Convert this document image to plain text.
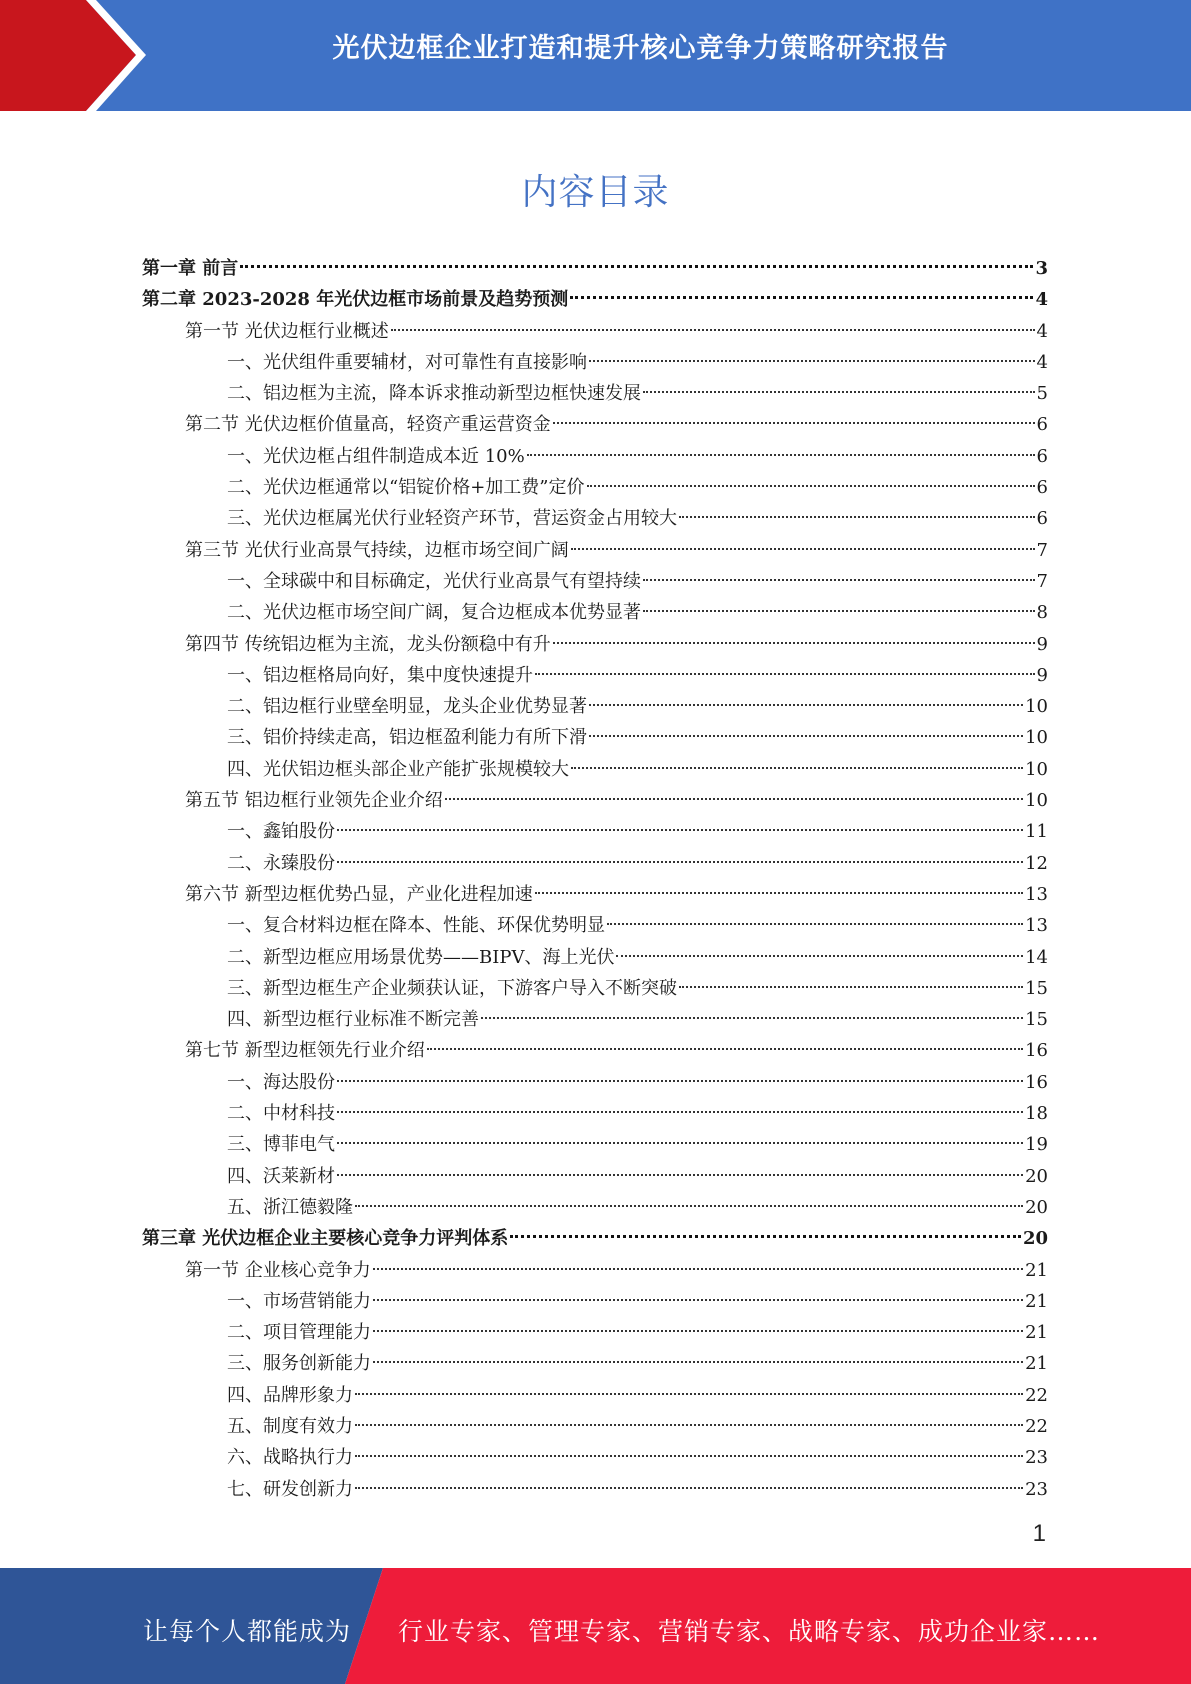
光伏边框企业打造和提升核心竞争力策略研究报告
内容目录
第一章 前言	3
第二章 2023-2028 年光伏边框市场前景及趋势预测	4
第一节 光伏边框行业概述	4
一、光伏组件重要辅材，对可靠性有直接影响	4
二、铝边框为主流，降本诉求推动新型边框快速发展	5
第二节 光伏边框价值量高，轻资产重运营资金	6
一、光伏边框占组件制造成本近 10%	6
二、光伏边框通常以“铝锭价格+加工费”定价	6
三、光伏边框属光伏行业轻资产环节，营运资金占用较大	6
第三节 光伏行业高景气持续，边框市场空间广阔	7
一、全球碳中和目标确定，光伏行业高景气有望持续	7
二、光伏边框市场空间广阔，复合边框成本优势显著	8
第四节 传统铝边框为主流，龙头份额稳中有升	9
一、铝边框格局向好，集中度快速提升	9
二、铝边框行业壁垒明显，龙头企业优势显著	10
三、铝价持续走高，铝边框盈利能力有所下滑	10
四、光伏铝边框头部企业产能扩张规模较大	10
第五节 铝边框行业领先企业介绍	10
一、鑫铂股份	11
二、永臻股份	12
第六节 新型边框优势凸显，产业化进程加速	13
一、复合材料边框在降本、性能、环保优势明显	13
二、新型边框应用场景优势——BIPV、海上光伏	14
三、新型边框生产企业频获认证，下游客户导入不断突破	15
四、新型边框行业标准不断完善	15
第七节 新型边框领先行业介绍	16
一、海达股份	16
二、中材科技	18
三、博菲电气	19
四、沃莱新材	20
五、浙江德毅隆	20
第三章 光伏边框企业主要核心竞争力评判体系	20
第一节 企业核心竞争力	21
一、市场营销能力	21
二、项目管理能力	21
三、服务创新能力	21
四、品牌形象力	22
五、制度有效力	22
六、战略执行力	23
七、研发创新力	23
1
让每个人都能成为 行业专家、管理专家、营销专家、战略专家、成功企业家……
